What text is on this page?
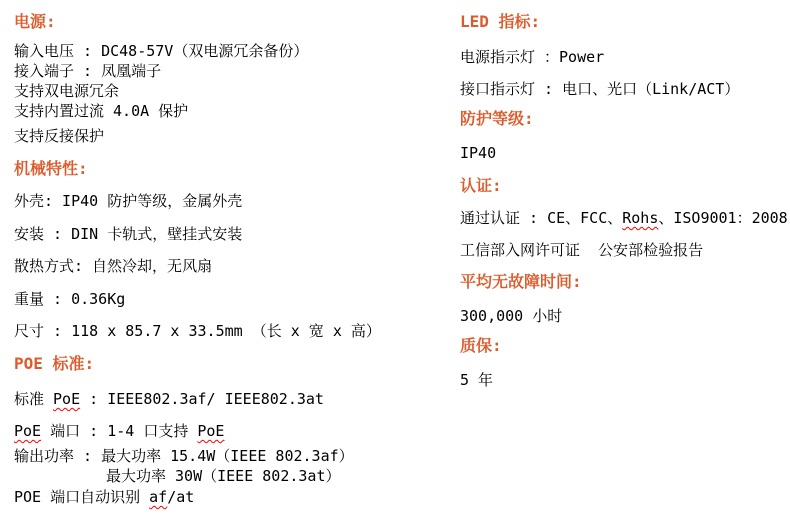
电源:
输入电压 : DC48-57V（双电源冗余备份）
接入端子 : 凤凰端子
支持双电源冗余
支持内置过流 4.0A 保护
支持反接保护
机械特性:
外壳: IP40 防护等级，金属外壳
安装 : DIN 卡轨式，壁挂式安装
散热方式: 自然冷却，无风扇
重量 : 0.36Kg
尺寸 : 118 x 85.7 x 33.5mm （长 x 宽 x 高）
POE 标准:
标准 PoE : IEEE802.3af/ IEEE802.3at
PoE 端口 : 1-4 口支持 PoE
输出功率 : 最大功率 15.4W（IEEE 802.3af）
最大功率 30W（IEEE 802.3at）
POE 端口自动识别 af/at
LED 指标:
电源指示灯 ：Power
接口指示灯 : 电口、光口（Link/ACT）
防护等级:
IP40
认证:
通过认证 : CE、FCC、Rohs、ISO9001：2008
工信部入网许可证  公安部检验报告
平均无故障时间:
300,000 小时
质保:
5 年
